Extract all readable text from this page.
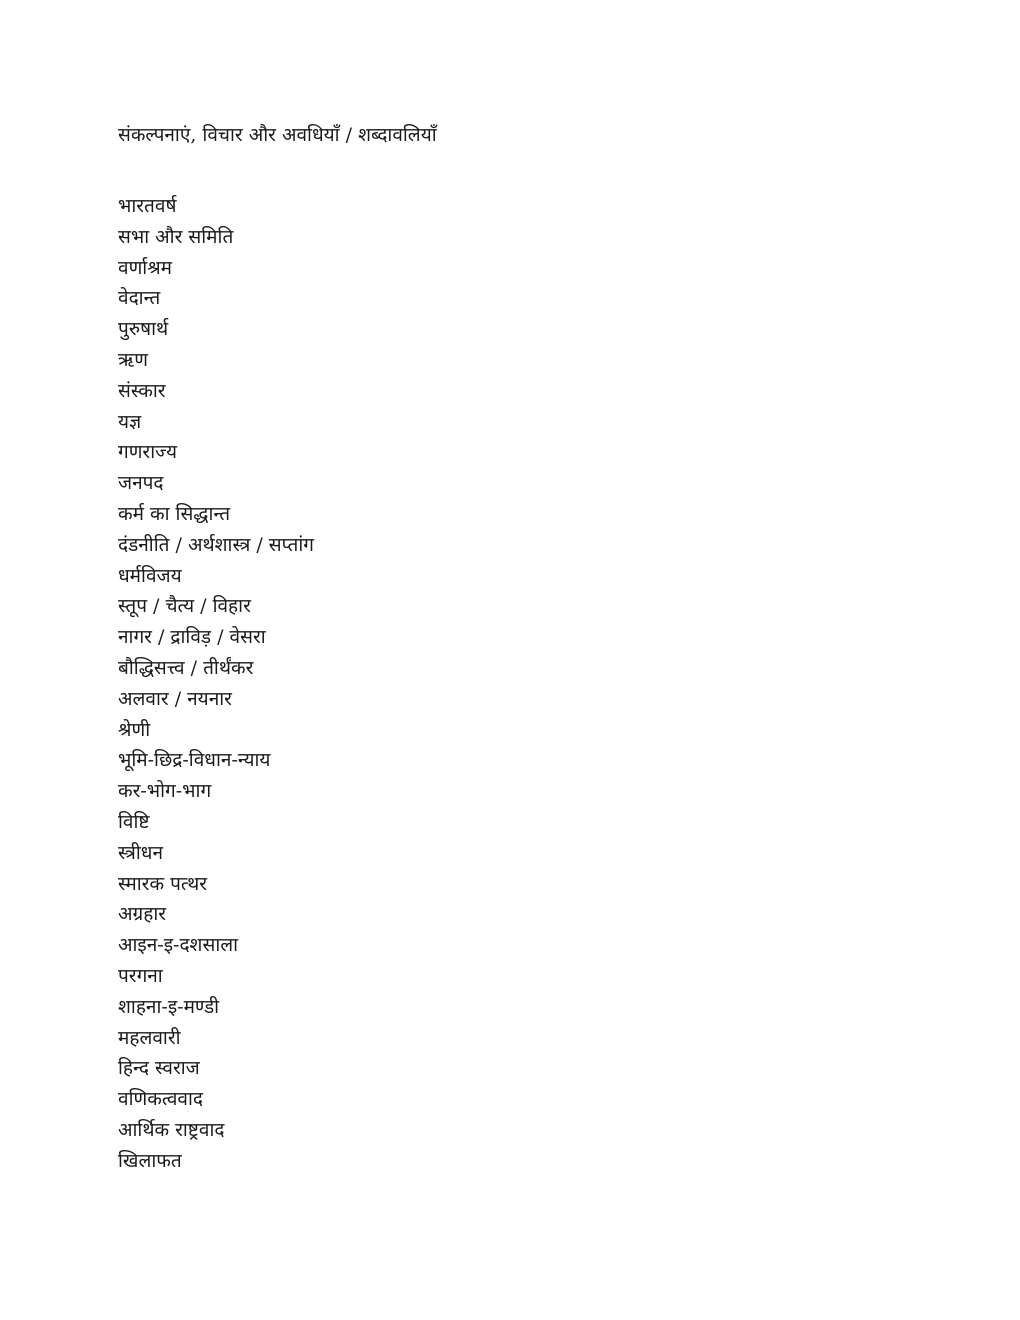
संकल्पनाएं, विचार और अवधियाँ / शब्दावलियाँ
भारतवर्ष
सभा और समिति
वर्णाश्रम
वेदान्त
पुरुषार्थ
ऋण
संस्कार
यज्ञ
गणराज्य
जनपद
कर्म का सिद्धान्त
दंडनीति / अर्थशास्त्र / सप्तांग
धर्मविजय
स्तूप / चैत्य / विहार
नागर / द्राविड़ / वेसरा
बौद्धिसत्त्व / तीर्थंकर
अलवार / नयनार
श्रेणी
भूमि-छिद्र-विधान-न्याय
कर-भोग-भाग
विष्टि
स्त्रीधन
स्मारक पत्थर
अग्रहार
आइन-इ-दशसाला
परगना
शाहना-इ-मण्डी
महलवारी
हिन्द स्वराज
वणिकत्ववाद
आर्थिक राष्ट्रवाद
खिलाफत
